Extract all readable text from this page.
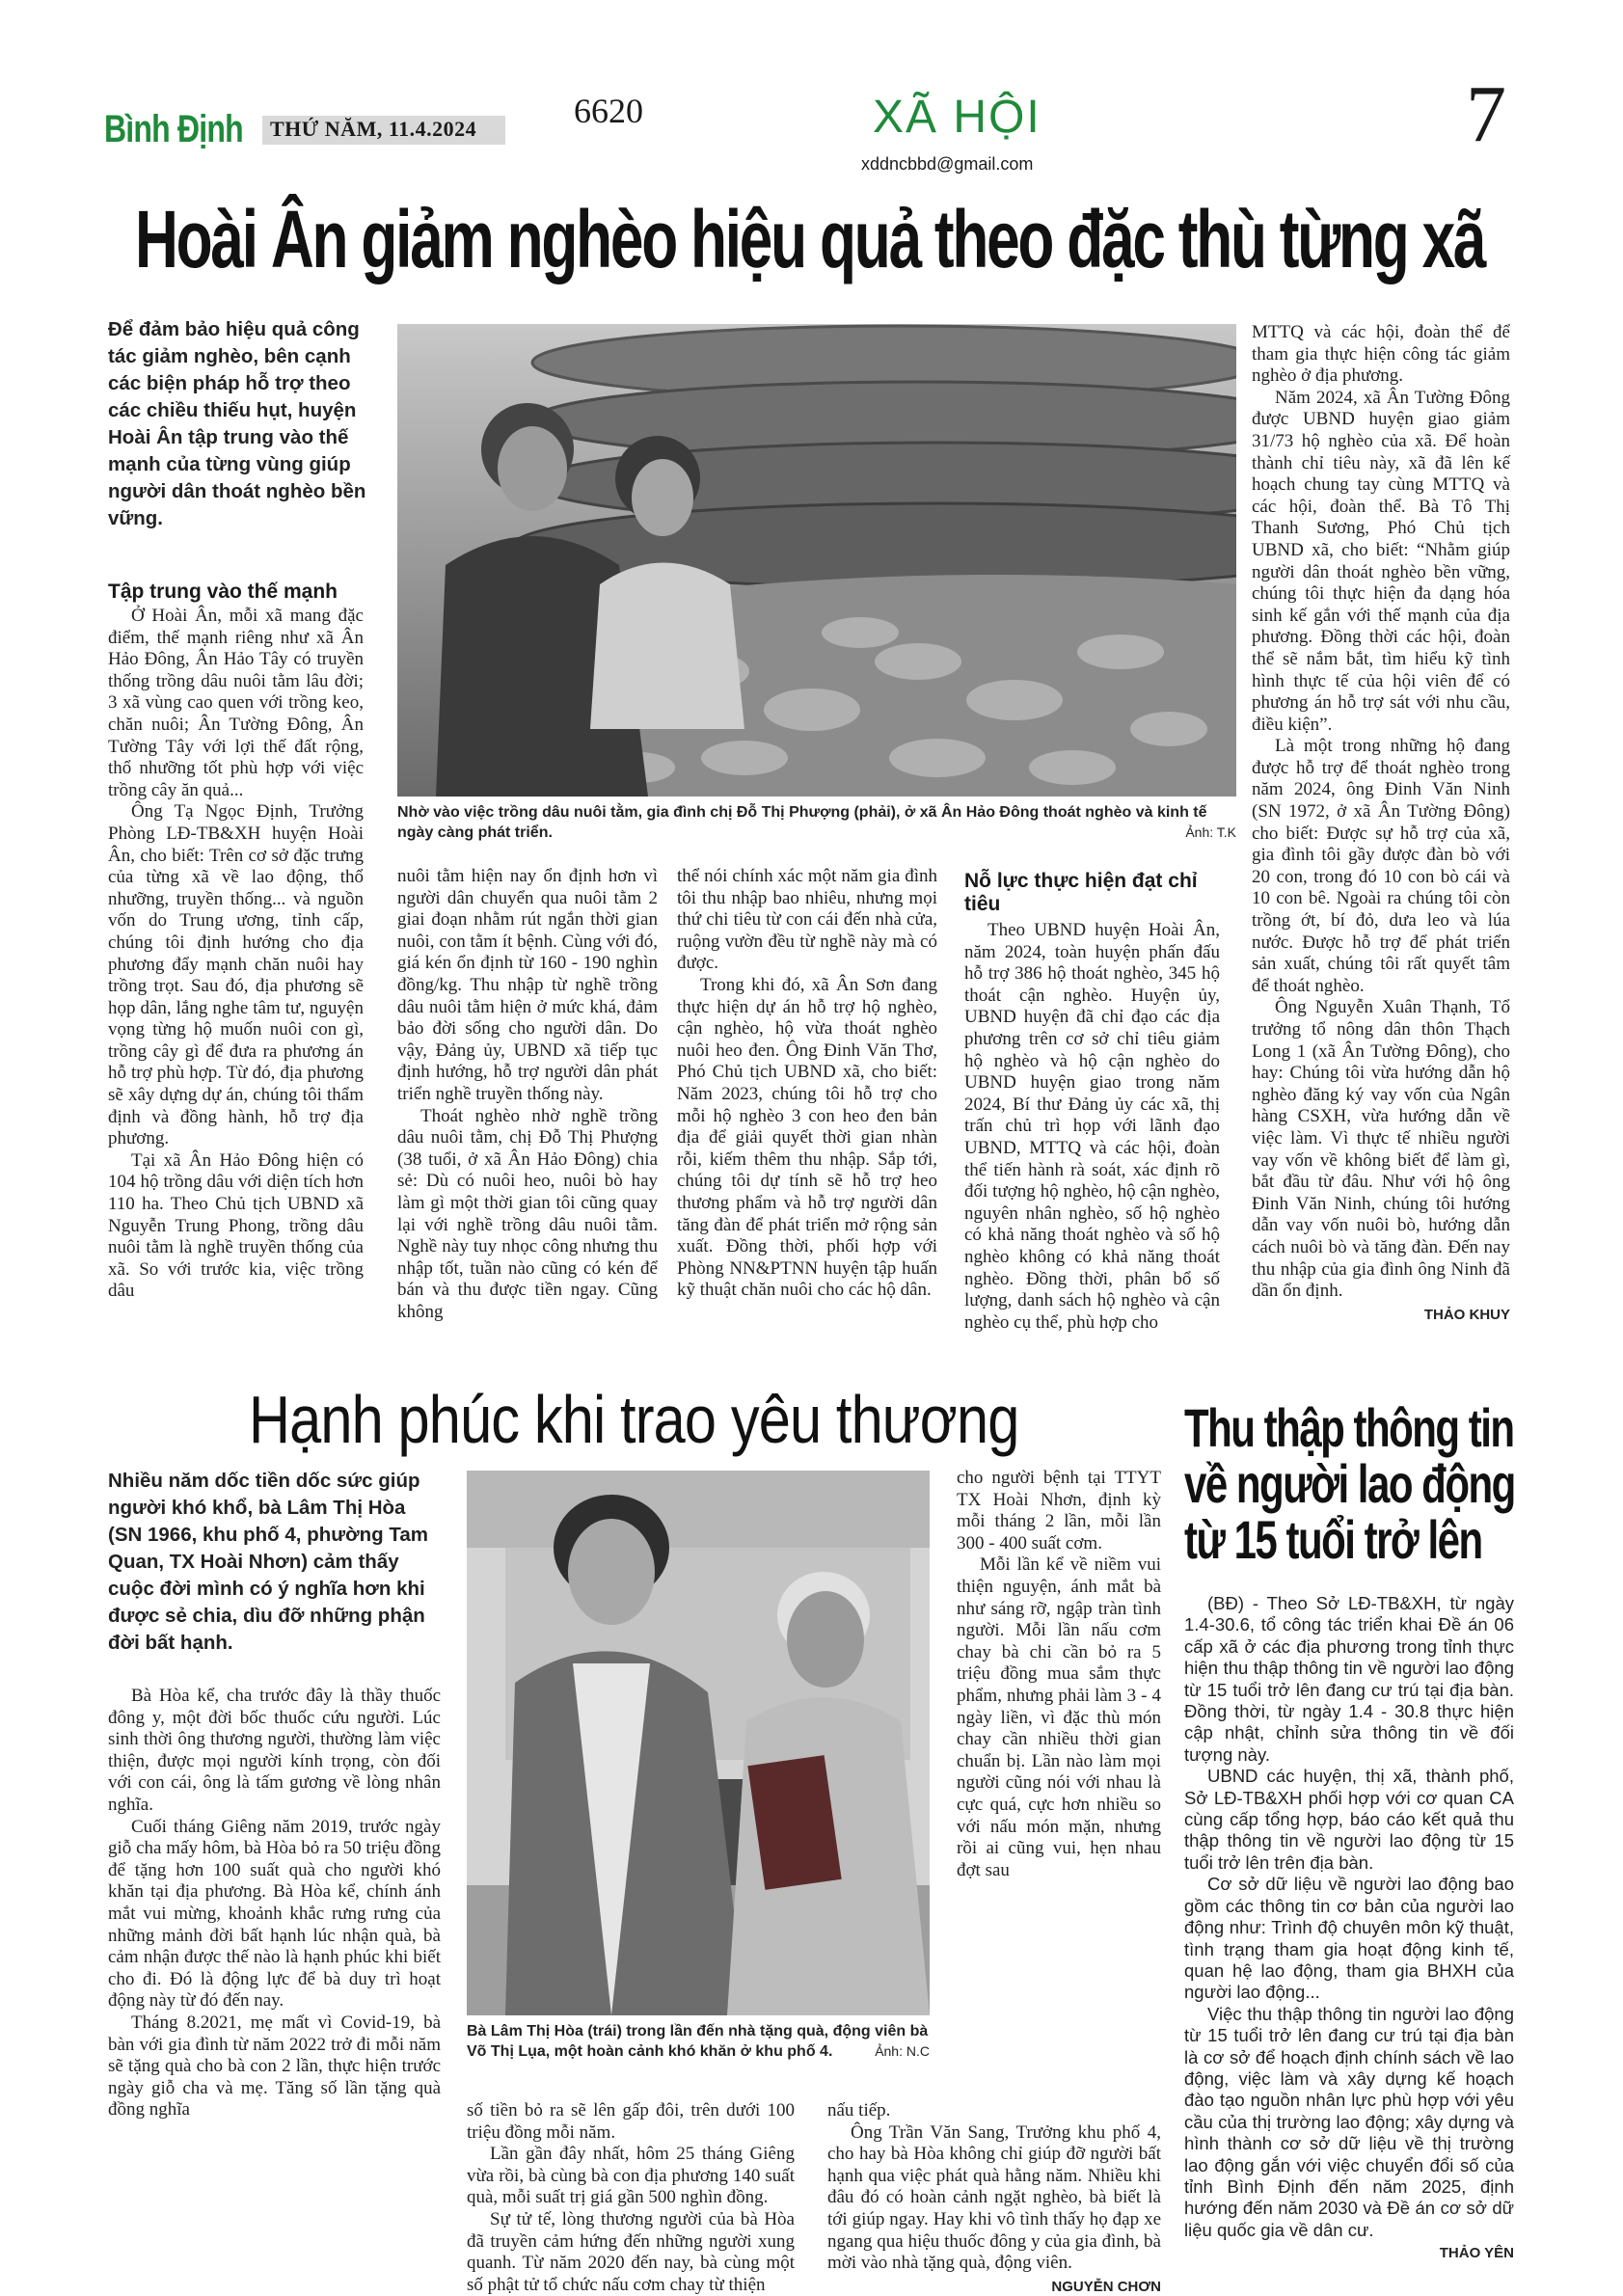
Bình Định	THỨ NĂM, 11.4.2024	6620	XÃ HỘI
xddncbbd@gmail.com
7
Hoài Ân giảm nghèo hiệu quả theo đặc thù từng xã
Để đảm bảo hiệu quả công tác giảm nghèo, bên cạnh các biện pháp hỗ trợ theo các chiều thiếu hụt, huyện Hoài Ân tập trung vào thế mạnh của từng vùng giúp người dân thoát nghèo bền vững.
Tập trung vào thế mạnh

Ở Hoài Ân, mỗi xã mang đặc điểm, thế mạnh riêng như xã Ân Hảo Đông, Ân Hảo Tây có truyền thống trồng dâu nuôi tằm lâu đời; 3 xã vùng cao quen với trồng keo, chăn nuôi; Ân Tường Đông, Ân Tường Tây với lợi thế đất rộng, thổ nhưỡng tốt phù hợp với việc trồng cây ăn quả...

Ông Tạ Ngọc Định, Trưởng Phòng LĐ-TB&XH huyện Hoài Ân, cho biết: Trên cơ sở đặc trưng của từng xã về lao động, thổ nhưỡng, truyền thống... và nguồn vốn do Trung ương, tỉnh cấp, chúng tôi định hướng cho địa phương đẩy mạnh chăn nuôi hay trồng trọt. Sau đó, địa phương sẽ họp dân, lắng nghe tâm tư, nguyện vọng từng hộ muốn nuôi con gì, trồng cây gì để đưa ra phương án hỗ trợ phù hợp. Từ đó, địa phương sẽ xây dựng dự án, chúng tôi thẩm định và đồng hành, hỗ trợ địa phương.

Tại xã Ân Hảo Đông hiện có 104 hộ trồng dâu với diện tích hơn 110 ha. Theo Chủ tịch UBND xã Nguyễn Trung Phong, trồng dâu nuôi tằm là nghề truyền thống của xã. So với trước kia, việc trồng dâu

Nhờ vào việc trồng dâu nuôi tằm, gia đình chị Đỗ Thị Phượng (phải), ở xã Ân Hảo Đông thoát nghèo và kinh tế ngày càng phát triển.	Ảnh: T.K

nuôi tằm hiện nay ổn định hơn vì người dân chuyển qua nuôi tằm 2 giai đoạn nhằm rút ngắn thời gian nuôi, con tằm ít bệnh. Cùng với đó, giá kén ổn định từ 160 - 190 nghìn đồng/kg. Thu nhập từ nghề trồng dâu nuôi tằm hiện ở mức khá, đảm bảo đời sống cho người dân. Do vậy, Đảng ủy, UBND xã tiếp tục định hướng, hỗ trợ người dân phát triển nghề truyền thống này.

Thoát nghèo nhờ nghề trồng dâu nuôi tằm, chị Đỗ Thị Phượng (38 tuổi, ở xã Ân Hảo Đông) chia sẻ: Dù có nuôi heo, nuôi bò hay làm gì một thời gian tôi cũng quay lại với nghề trồng dâu nuôi tằm. Nghề này tuy nhọc công nhưng thu nhập tốt, tuần nào cũng có kén để bán và thu được tiền ngay. Cũng không

thể nói chính xác một năm gia đình tôi thu nhập bao nhiêu, nhưng mọi thứ chi tiêu từ con cái đến nhà cửa, ruộng vườn đều từ nghề này mà có được.

Trong khi đó, xã Ân Sơn đang thực hiện dự án hỗ trợ hộ nghèo, cận nghèo, hộ vừa thoát nghèo nuôi heo đen. Ông Đinh Văn Thơ, Phó Chủ tịch UBND xã, cho biết: Năm 2023, chúng tôi hỗ trợ cho mỗi hộ nghèo 3 con heo đen bản địa để giải quyết thời gian nhàn rỗi, kiếm thêm thu nhập. Sắp tới, chúng tôi dự tính sẽ hỗ trợ heo thương phẩm và hỗ trợ người dân tăng đàn để phát triển mở rộng sản xuất. Đồng thời, phối hợp với Phòng NN&PTNN huyện tập huấn kỹ thuật chăn nuôi cho các hộ dân.

Nỗ lực thực hiện đạt chỉ tiêu

Theo UBND huyện Hoài Ân, năm 2024, toàn huyện phấn đấu hỗ trợ 386 hộ thoát nghèo, 345 hộ thoát cận nghèo. Huyện ủy, UBND huyện đã chỉ đạo các địa phương trên cơ sở chỉ tiêu giảm hộ nghèo và hộ cận nghèo do UBND huyện giao trong năm 2024, Bí thư Đảng ủy các xã, thị trấn chủ trì họp với lãnh đạo UBND, MTTQ và các hội, đoàn thể tiến hành rà soát, xác định rõ đối tượng hộ nghèo, hộ cận nghèo, nguyên nhân nghèo, số hộ nghèo có khả năng thoát nghèo và số hộ nghèo không có khả năng thoát nghèo. Đồng thời, phân bổ số lượng, danh sách hộ nghèo và cận nghèo cụ thể, phù hợp cho

MTTQ và các hội, đoàn thể để tham gia thực hiện công tác giảm nghèo ở địa phương.

Năm 2024, xã Ân Tường Đông được UBND huyện giao giảm 31/73 hộ nghèo của xã. Để hoàn thành chỉ tiêu này, xã đã lên kế hoạch chung tay cùng MTTQ và các hội, đoàn thể. Bà Tô Thị Thanh Sương, Phó Chủ tịch UBND xã, cho biết: “Nhằm giúp người dân thoát nghèo bền vững, chúng tôi thực hiện đa dạng hóa sinh kế gắn với thế mạnh của địa phương. Đồng thời các hội, đoàn thể sẽ nắm bắt, tìm hiểu kỹ tình hình thực tế của hội viên để có phương án hỗ trợ sát với nhu cầu, điều kiện”.

Là một trong những hộ đang được hỗ trợ để thoát nghèo trong năm 2024, ông Đinh Văn Ninh (SN 1972, ở xã Ân Tường Đông) cho biết: Được sự hỗ trợ của xã, gia đình tôi gầy được đàn bò với 20 con, trong đó 10 con bò cái và 10 con bê. Ngoài ra chúng tôi còn trồng ớt, bí đỏ, dưa leo và lúa nước. Được hỗ trợ để phát triển sản xuất, chúng tôi rất quyết tâm để thoát nghèo.

Ông Nguyễn Xuân Thạnh, Tổ trưởng tổ nông dân thôn Thạch Long 1 (xã Ân Tường Đông), cho hay: Chúng tôi vừa hướng dẫn hộ nghèo đăng ký vay vốn của Ngân hàng CSXH, vừa hướng dẫn về việc làm. Vì thực tế nhiều người vay vốn về không biết để làm gì, bắt đầu từ đâu. Như với hộ ông Đinh Văn Ninh, chúng tôi hướng dẫn vay vốn nuôi bò, hướng dẫn cách nuôi bò và tăng đàn. Đến nay thu nhập của gia đình ông Ninh đã dần ổn định.

THẢO KHUY
Hạnh phúc khi trao yêu thương
Nhiều năm dốc tiền dốc sức giúp người khó khổ, bà Lâm Thị Hòa (SN 1966, khu phố 4, phường Tam Quan, TX Hoài Nhơn) cảm thấy cuộc đời mình có ý nghĩa hơn khi được sẻ chia, dìu đỡ những phận đời bất hạnh.

Bà Hòa kể, cha trước đây là thầy thuốc đông y, một đời bốc thuốc cứu người. Lúc sinh thời ông thương người, thường làm việc thiện, được mọi người kính trọng, còn đối với con cái, ông là tấm gương về lòng nhân nghĩa.

Cuối tháng Giêng năm 2019, trước ngày giỗ cha mấy hôm, bà Hòa bỏ ra 50 triệu đồng để tặng hơn 100 suất quà cho người khó khăn tại địa phương. Bà Hòa kể, chính ánh mắt vui mừng, khoảnh khắc rưng rưng của những mảnh đời bất hạnh lúc nhận quà, bà cảm nhận được thế nào là hạnh phúc khi biết cho đi. Đó là động lực để bà duy trì hoạt động này từ đó đến nay.

Tháng 8.2021, mẹ mất vì Covid-19, bà bàn với gia đình từ năm 2022 trở đi mỗi năm sẽ tặng quà cho bà con 2 lần, thực hiện trước ngày giỗ cha và mẹ. Tăng số lần tặng quà đồng nghĩa

Bà Lâm Thị Hòa (trái) trong lần đến nhà tặng quà, động viên bà Võ Thị Lụa, một hoàn cảnh khó khăn ở khu phố 4.	Ảnh: N.C

số tiền bỏ ra sẽ lên gấp đôi, trên dưới 100 triệu đồng mỗi năm.

Lần gần đây nhất, hôm 25 tháng Giêng vừa rồi, bà cùng bà con địa phương 140 suất quà, mỗi suất trị giá gần 500 nghìn đồng.

Sự tử tế, lòng thương người của bà Hòa đã truyền cảm hứng đến những người xung quanh. Từ năm 2020 đến nay, bà cùng một số phật tử tổ chức nấu cơm chay từ thiện

cho người bệnh tại TTYT TX Hoài Nhơn, định kỳ mỗi tháng 2 lần, mỗi lần 300 - 400 suất cơm.

Mỗi lần kể về niềm vui thiện nguyện, ánh mắt bà như sáng rỡ, ngập tràn tình người. Mỗi lần nấu cơm chay bà chi cần bỏ ra 5 triệu đồng mua sắm thực phẩm, nhưng phải làm 3 - 4 ngày liền, vì đặc thù món chay cần nhiều thời gian chuẩn bị. Lần nào làm mọi người cũng nói với nhau là cực quá, cực hơn nhiều so với nấu món mặn, nhưng rồi ai cũng vui, hẹn nhau đợt sau

nấu tiếp.

Ông Trần Văn Sang, Trưởng khu phố 4, cho hay bà Hòa không chỉ giúp đỡ người bất hạnh qua việc phát quà hằng năm. Nhiều khi đâu đó có hoàn cảnh ngặt nghèo, bà biết là tới giúp ngay. Hay khi vô tình thấy họ đạp xe ngang qua hiệu thuốc đông y của gia đình, bà mời vào nhà tặng quà, động viên.

NGUYỄN CHƠN
Thu thập thông tin về người lao động từ 15 tuổi trở lên

(BĐ) - Theo Sở LĐ-TB&XH, từ ngày 1.4-30.6, tổ công tác triển khai Đề án 06 cấp xã ở các địa phương trong tỉnh thực hiện thu thập thông tin về người lao động từ 15 tuổi trở lên đang cư trú tại địa bàn. Đồng thời, từ ngày 1.4 - 30.8 thực hiện cập nhật, chỉnh sửa thông tin về đối tượng này.

UBND các huyện, thị xã, thành phố, Sở LĐ-TB&XH phối hợp với cơ quan CA cùng cấp tổng hợp, báo cáo kết quả thu thập thông tin về người lao động từ 15 tuổi trở lên trên địa bàn.

Cơ sở dữ liệu về người lao động bao gồm các thông tin cơ bản của người lao động như: Trình độ chuyên môn kỹ thuật, tình trạng tham gia hoạt động kinh tế, quan hệ lao động, tham gia BHXH của người lao động...

Việc thu thập thông tin người lao động từ 15 tuổi trở lên đang cư trú tại địa bàn là cơ sở để hoạch định chính sách về lao động, việc làm và xây dựng kế hoạch đào tạo nguồn nhân lực phù hợp với yêu cầu của thị trường lao động; xây dựng và hình thành cơ sở dữ liệu về thị trường lao động gắn với việc chuyển đổi số của tỉnh Bình Định đến năm 2025, định hướng đến năm 2030 và Đề án cơ sở dữ liệu quốc gia về dân cư.

THẢO YÊN
